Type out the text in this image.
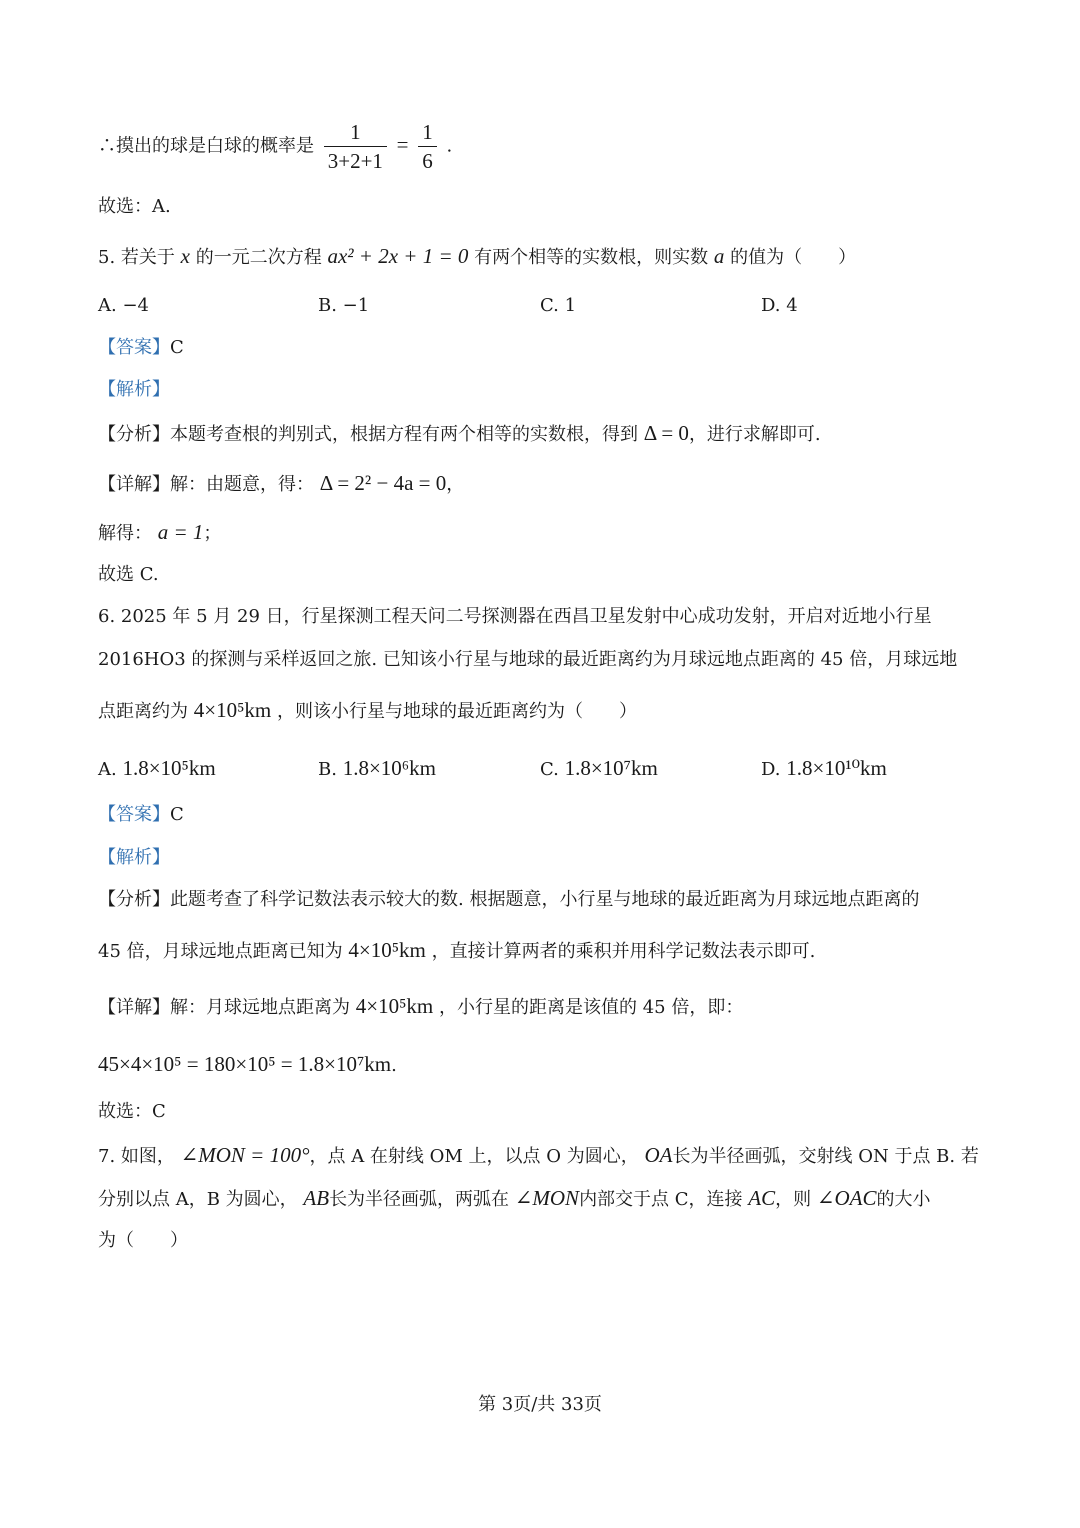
∴摸出的球是白球的概率是 $\frac{1}{3+2+1} = \frac{1}{6}$ .
故选：A.
5. 若关于 x 的一元二次方程 ax² + 2x + 1 = 0 有两个相等的实数根，则实数 a 的值为（　　）
A. −4	B. −1	C. 1	D. 4
【答案】C
【解析】
【分析】本题考查根的判别式，根据方程有两个相等的实数根，得到 Δ = 0，进行求解即可.
【详解】解：由题意，得： Δ = 2² − 4a = 0，
解得： a = 1；
故选 C.
6. 2025 年 5 月 29 日，行星探测工程天问二号探测器在西昌卫星发射中心成功发射，开启对近地小行星
2016HO3 的探测与采样返回之旅. 已知该小行星与地球的最近距离约为月球远地点距离的 45 倍，月球远地
点距离约为 4×10⁵km ，则该小行星与地球的最近距离约为（　　）
A. 1.8×10⁵km	B. 1.8×10⁶km	C. 1.8×10⁷km	D. 1.8×10¹⁰km
【答案】C
【解析】
【分析】此题考查了科学记数法表示较大的数. 根据题意，小行星与地球的最近距离为月球远地点距离的
45 倍，月球远地点距离已知为 4×10⁵km ，直接计算两者的乘积并用科学记数法表示即可.
【详解】解：月球远地点距离为 4×10⁵km ，小行星的距离是该值的 45 倍，即：
45×4×10⁵ = 180×10⁵ = 1.8×10⁷km.
故选：C
7. 如图， ∠MON = 100°，点 A 在射线 OM 上，以点 O 为圆心， OA长为半径画弧，交射线 ON 于点 B. 若
分别以点 A，B 为圆心， AB长为半径画弧，两弧在 ∠MON内部交于点 C，连接 AC，则 ∠OAC的大小
为（　　）
第 3页/共 33页
